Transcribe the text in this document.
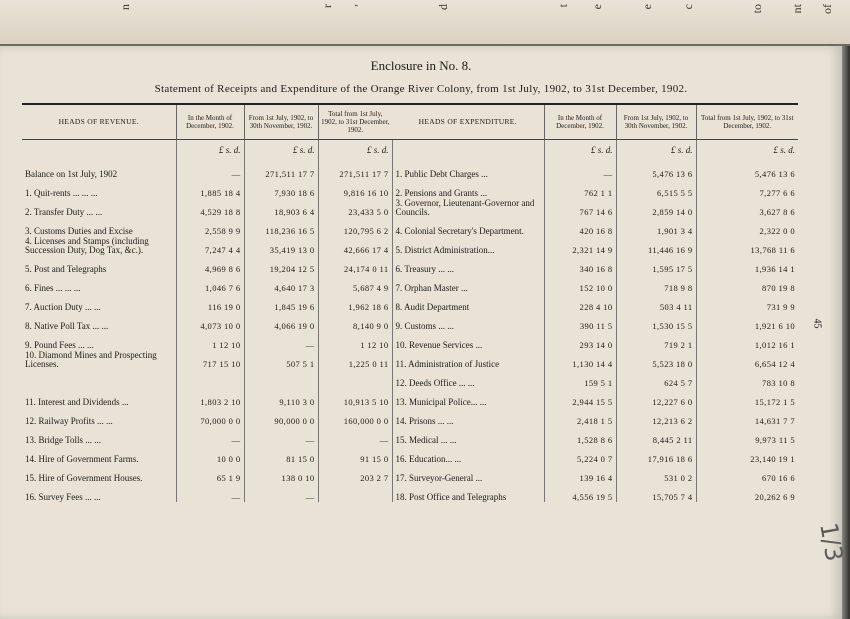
n	r ,	d	t e	e c	to nt of
Enclosure in No. 8.
Statement of Receipts and Expenditure of the Orange River Colony, from 1st July, 1902, to 31st December, 1902.
HEADS OF REVENUE.	In the Month of December, 1902.	From 1st July, 1902, to 30th November, 1902.	Total from 1st July, 1902, to 31st December, 1902.	HEADS OF EXPENDITURE.	In the Month of December, 1902.	From 1st July, 1902, to 30th November, 1902.	Total from 1st July, 1902, to 31st December, 1902.
	£ s. d.	£ s. d.	£ s. d.		£ s. d.	£ s. d.	£ s. d.
Balance on 1st July, 1902	—	271,511 17 7	271,511 17 7	1. Public Debt Charges ...	—	5,476 13 6	5,476 13 6
1. Quit-rents ... ... ...	1,885 18 4	7,930 18 6	9,816 16 10	2. Pensions and Grants ...	762 1 1	6,515 5 5	7,277 6 6
2. Transfer Duty ... ...	4,529 18 8	18,903 6 4	23,433 5 0	3. Governor, Lieutenant-Governor and Councils.	767 14 6	2,859 14 0	3,627 8 6
3. Customs Duties and Excise	2,558 9 9	118,236 16 5	120,795 6 2	4. Colonial Secretary's Department.	420 16 8	1,901 3 4	2,322 0 0
4. Licenses and Stamps (including Succession Duty, Dog Tax, &c.).	7,247 4 4	35,419 13 0	42,666 17 4	5. District Administration...	2,321 14 9	11,446 16 9	13,768 11 6
5. Post and Telegraphs	4,969 8 6	19,204 12 5	24,174 0 11	6. Treasury ... ...	340 16 8	1,595 17 5	1,936 14 1
6. Fines ... ... ...	1,046 7 6	4,640 17 3	5,687 4 9	7. Orphan Master ...	152 10 0	718 9 8	870 19 8
7. Auction Duty ... ...	116 19 0	1,845 19 6	1,962 18 6	8. Audit Department	228 4 10	503 4 11	731 9 9
8. Native Poll Tax ... ...	4,073 10 0	4,066 19 0	8,140 9 0	9. Customs ... ...	390 11 5	1,530 15 5	1,921 6 10
9. Pound Fees ... ...	1 12 10	—	1 12 10	10. Revenue Services ...	293 14 0	719 2 1	1,012 16 1
10. Diamond Mines and Prospecting Licenses.	717 15 10	507 5 1	1,225 0 11	11. Administration of Justice	1,130 14 4	5,523 18 0	6,654 12 4
				12. Deeds Office ... ...	159 5 1	624 5 7	783 10 8
11. Interest and Dividends ...	1,803 2 10	9,110 3 0	10,913 5 10	13. Municipal Police... ...	2,944 15 5	12,227 6 0	15,172 1 5
12. Railway Profits ... ...	70,000 0 0	90,000 0 0	160,000 0 0	14. Prisons ... ...	2,418 1 5	12,213 6 2	14,631 7 7
13. Bridge Tolls ... ...	—	—	—	15. Medical ... ...	1,528 8 6	8,445 2 11	9,973 11 5
14. Hire of Government Farms.	10 0 0	81 15 0	91 15 0	16. Education... ...	5,224 0 7	17,916 18 6	23,140 19 1
15. Hire of Government Houses.	65 1 9	138 0 10	203 2 7	17. Surveyor-General ...	139 16 4	531 0 2	670 16 6
16. Survey Fees ... ...	—	—		18. Post Office and Telegraphs	4,556 19 5	15,705 7 4	20,262 6 9
45
1/3
